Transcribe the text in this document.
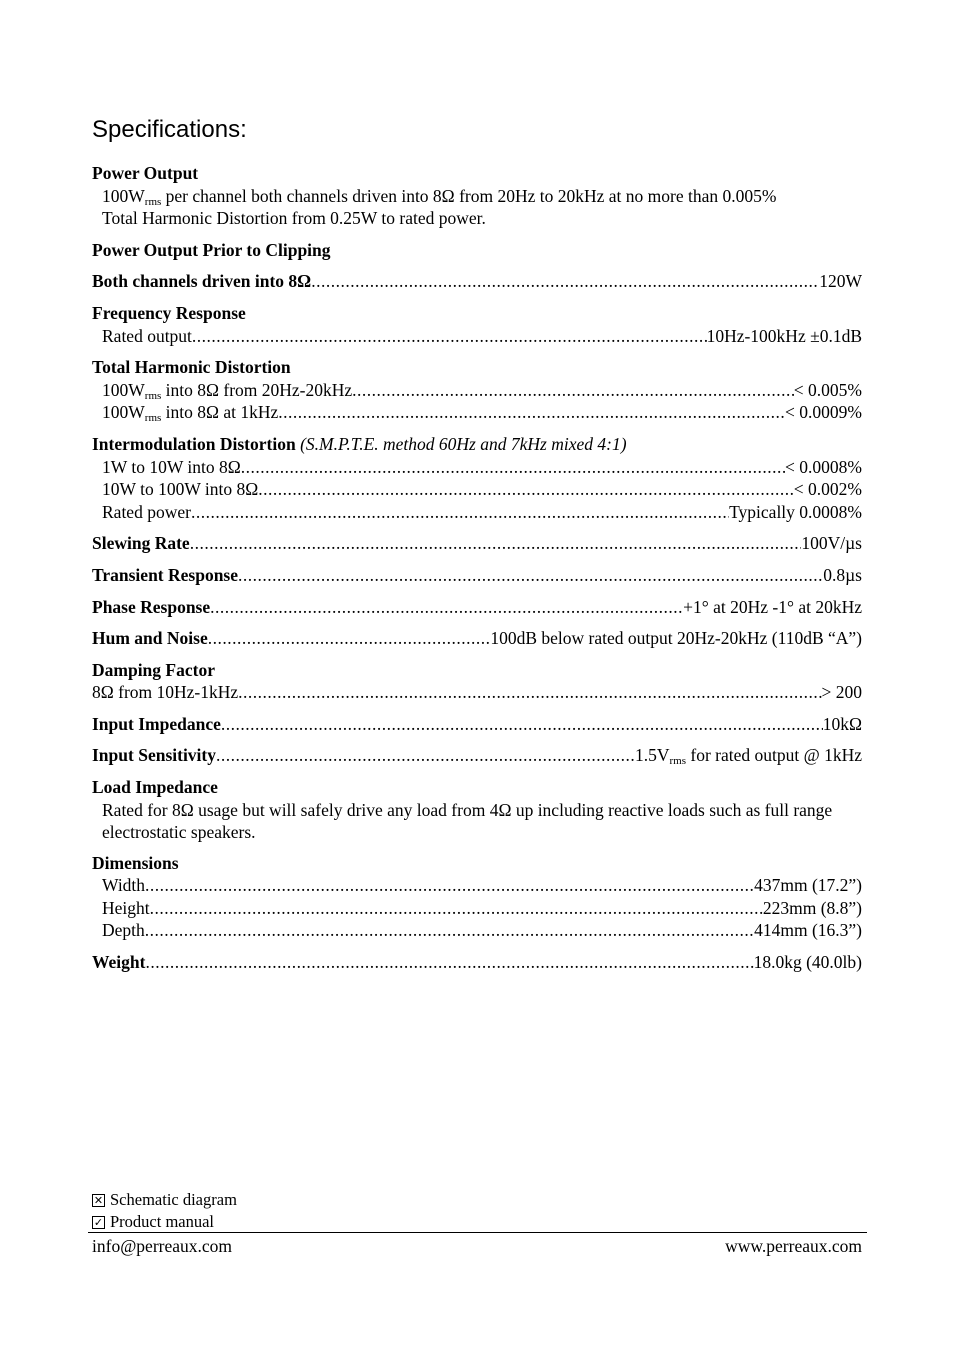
Specifications:
Power Output
$100W_{rms}$ per channel both channels driven into 8Ω from 20Hz to 20kHz at no more than 0.005%
Total Harmonic Distortion from 0.25W to rated power.
Power Output Prior to Clipping
Both channels driven into 8Ω .....	120W
Frequency Response
Rated output .....	10Hz-100kHz ±0.1dB
Total Harmonic Distortion
$100W_{rms}$ into 8Ω from 20Hz-20kHz .....	< 0.005%
$100W_{rms}$ into 8Ω at 1kHz .....	< 0.0009%
Intermodulation Distortion (S.M.P.T.E. method 60Hz and 7kHz mixed 4:1)
1W to 10W into 8Ω .....	< 0.0008%
10W to 100W into 8Ω .....	< 0.002%
Rated power .....	Typically 0.0008%
Slewing Rate .....	100V/µs
Transient Response .....	0.8µs
Phase Response .....	+1° at 20Hz -1° at 20kHz
Hum and Noise .....	100dB below rated output 20Hz-20kHz (110dB “A”)
Damping Factor
8Ω from 10Hz-1kHz .....	> 200
Input Impedance .....	10kΩ
Input Sensitivity .....	$1.5V_{rms}$ for rated output @ 1kHz
Load Impedance
Rated for 8Ω usage but will safely drive any load from 4Ω up including reactive loads such as full range electrostatic speakers.
Dimensions
Width .....	437mm (17.2”)
Height .....	223mm (8.8”)
Depth .....	414mm (16.3”)
Weight .....	18.0kg (40.0lb)
✕ Schematic diagram
✓ Product manual
info@perreaux.com	www.perreaux.com
